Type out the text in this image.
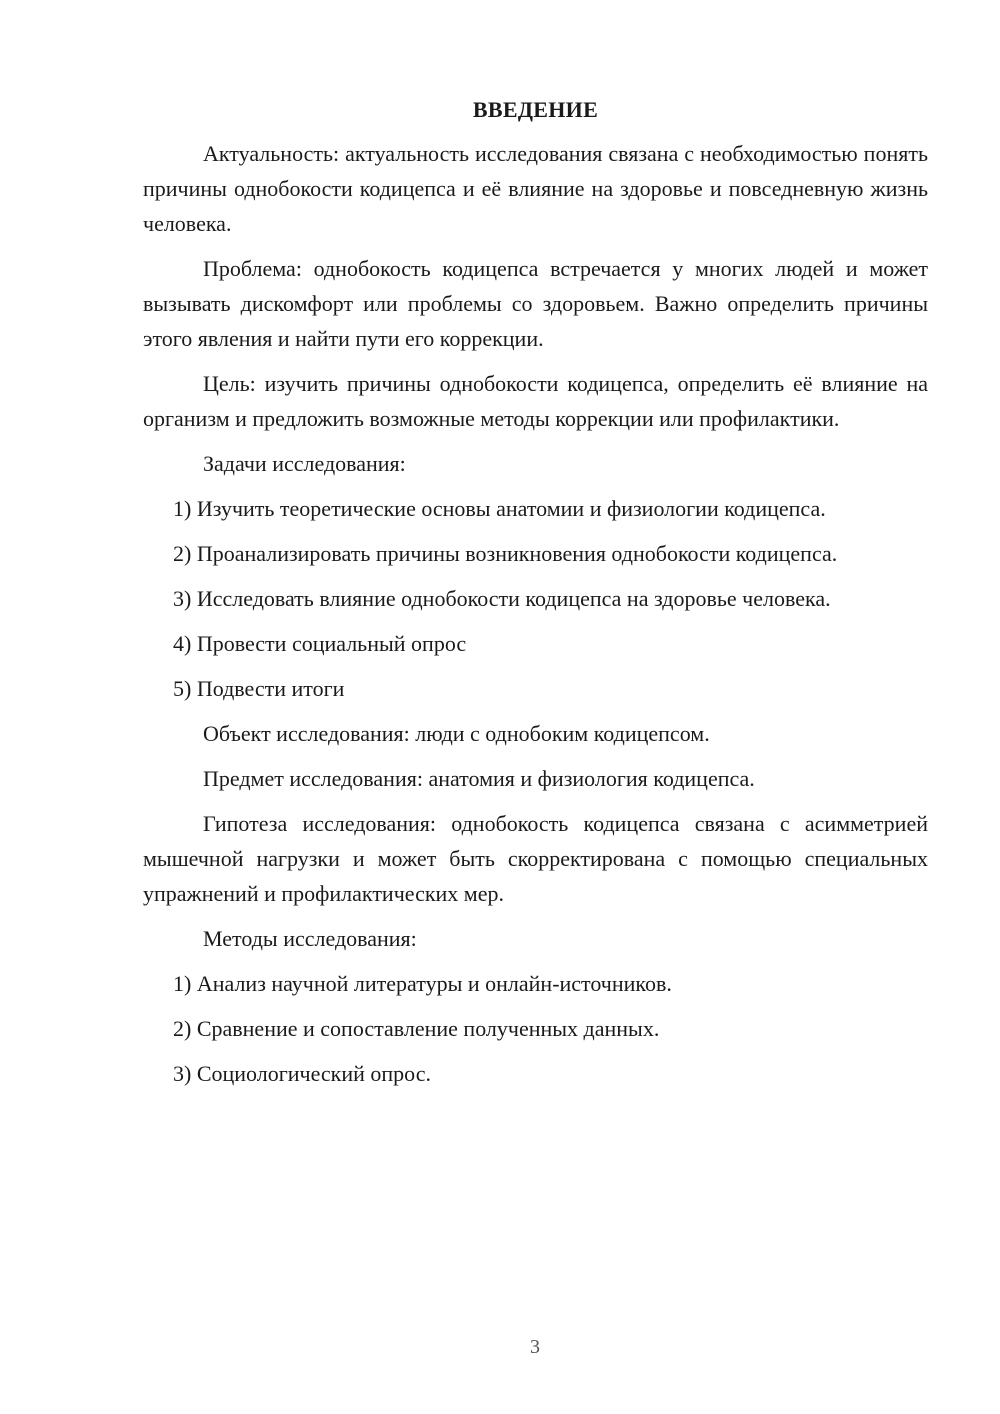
ВВЕДЕНИЕ

Актуальность: актуальность исследования связана с необходимостью понять причины однобокости кодицепса и её влияние на здоровье и повседневную жизнь человека.

Проблема: однобокость кодицепса встречается у многих людей и может вызывать дискомфорт или проблемы со здоровьем. Важно определить причины этого явления и найти пути его коррекции.

Цель: изучить причины однобокости кодицепса, определить её влияние на организм и предложить возможные методы коррекции или профилактики.

Задачи исследования:

1) Изучить теоретические основы анатомии и физиологии кодицепса.

2) Проанализировать причины возникновения однобокости кодицепса.

3) Исследовать влияние однобокости кодицепса на здоровье человека.

4) Провести социальный опрос

5) Подвести итоги

Объект исследования: люди с однобоким кодицепсом.

Предмет исследования: анатомия и физиология кодицепса.

Гипотеза исследования: однобокость кодицепса связана с асимметрией мышечной нагрузки и может быть скорректирована с помощью специальных упражнений и профилактических мер.

Методы исследования:

1) Анализ научной литературы и онлайн-источников.

2) Сравнение и сопоставление полученных данных.

3) Социологический опрос.

3
